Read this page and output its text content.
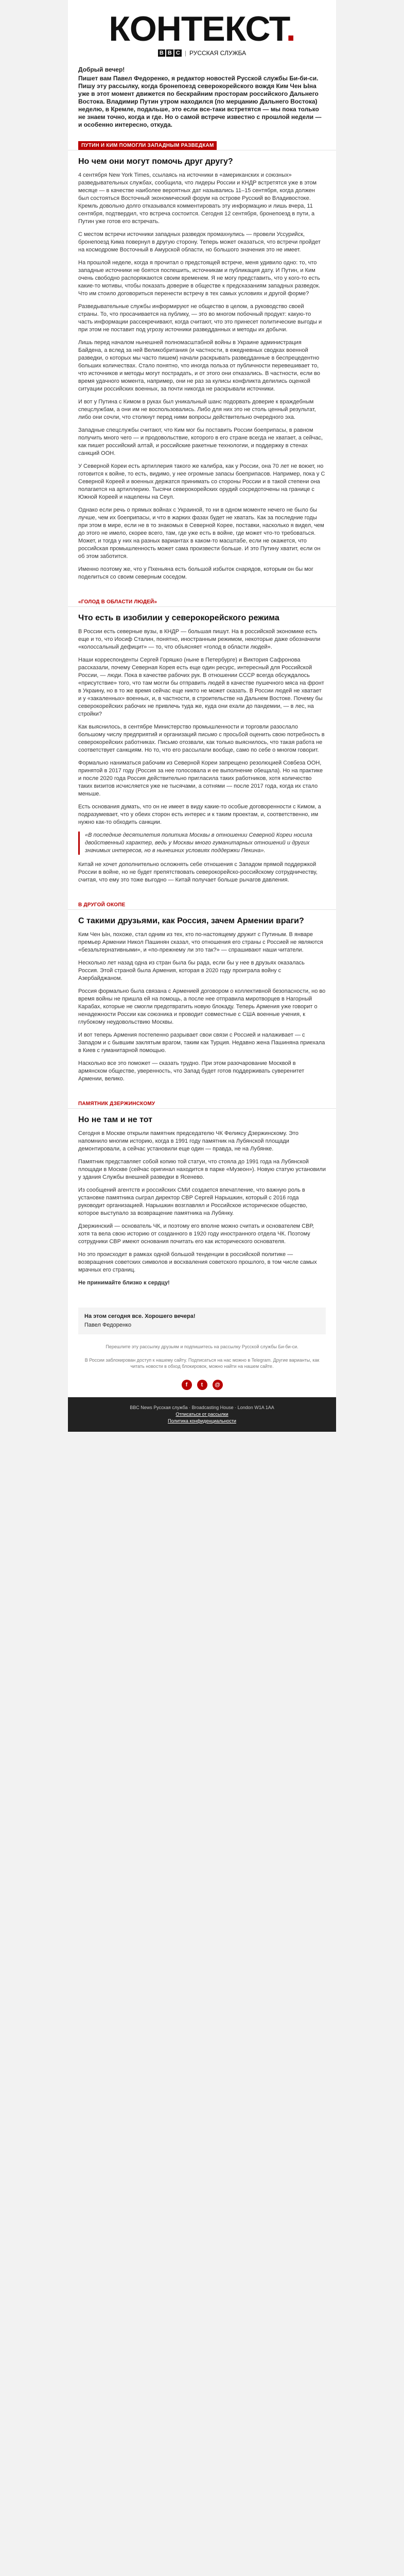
КОНТЕКСТ.
B B C | РУССКАЯ СЛУЖБА
Добрый вечер!

Пишет вам Павел Федоренко, я редактор новостей Русской службы Би-би-си. Пишу эту рассылку, когда бронепоезд северокорейского вождя Ким Чен Ына уже в этот момент движется по бескрайним просторам российского Дальнего Востока. Владимир Путин утром находился (по мерцанию Дальнего Востока) неделю, в Кремле, подальше, это если все-таки встретятся — мы пока только не знаем точно, когда и где. Но о самой встрече известно с прошлой недели — и особенно интересно, откуда.

ПУТИН И КИМ ПОМОГЛИ ЗАПАДНЫМ РАЗВЕДКАМ
Но чем они могут помочь друг другу?

4 сентября New York Times, ссылаясь на источники в «американских и союзных» разведывательных службах, сообщила, что лидеры России и КНДР встретятся уже в этом месяце — в качестве наиболее вероятных дат назывались 11–15 сентября, когда должен был состояться Восточный экономический форум на острове Русский во Владивостоке. Кремль довольно долго отказывался комментировать эту информацию и лишь вчера, 11 сентября, подтвердил, что встреча состоится. Сегодня 12 сентября, бронепоезд в пути, а Путин уже готов его встречать.

С местом встречи источники западных разведок промахнулись — провели Уссурийск, бронепоезд Кима повернул в другую сторону. Теперь может оказаться, что встречи пройдет на космодроме Восточный в Амурской области, но большого значения это не имеет.

На прошлой неделе, когда я прочитал о предстоящей встрече, меня удивило одно: то, что западные источники не боятся поспешить, источникам и публикация дату. И Путин, и Ким очень свободно распоряжаются своим временем. Я не могу представить, что у кого-то есть какие-то мотивы, чтобы показать доверие в обществе к предсказаниям западных разведок. Что им стоило договориться перенести встречу в тех самых условиях и другой форме?

Разведывательные службы информируют не общество в целом, а руководство своей страны. То, что просачивается на публику, — это во многом побочный продукт: какую-то часть информации рассекречивают, когда считают, что это принесет политические выгоды и при этом не поставит под угрозу источники разведданных и методы их добычи.

Лишь перед началом нынешней полномасштабной войны в Украине администрация Байдена, а вслед за ней Великобритания (и частности, в ежедневных сводках военной разведки, о которых мы часто пишем) начали раскрывать разведданные в беспрецедентно больших количествах. Стало понятно, что иногда польза от публичности перевешивает то, что источников и методы могут пострадать, и от этого они отказались. В частности, если во время удачного момента, например, они не раз за кулисы конфликта делились оценкой ситуации российских военных, за почти никогда не раскрывали источники.

И вот у Путина с Кимом в руках был уникальный шанс подорвать доверие к враждебным спецслужбам, а они им не воспользовались. Либо для них это не столь ценный результат, либо они сочли, что столкнут перед ними вопросы действительно очередного эха.

Западные спецслужбы считают, что Ким мог бы поставить России боеприпасы, в равном получить много чего — и продовольствие, которого в его стране всегда не хватает, а сейчас, как пишет российский алтай, и российские ракетные технологии, и поддержку в стенах санкций ООН.

У Северной Кореи есть артиллерия такого же калибра, как у России, она 70 лет не воюет, но готовится к войне, то есть, видимо, у нее огромные запасы боеприпасов. Например, пока у С Северной Кореей и военных держатся принимать со стороны России и в такой степени она полагается на артиллерию. Тысячи северокорейских орудий сосредоточены на границе с Южной Кореей и нацелены на Сеул.

Однако если речь о прямых войнах с Украиной, то ни в одном моменте нечего не было бы лучше, чем их боеприпасы, и что в жарких фазах будет не хватать. Как за последние годы при этом в мире, если не в то знакомых в Северной Корее, поставки, насколько я видел, чем до этого не имело, скорее всего, там, где уже есть в войне, где может что-то требоваться. Может, и тогда у них на разных вариантах в каком-то масштабе, если не окажется, что российская промышленность может сама произвести больше. И это Путину хватит, если он об этом заботится.

Именно поэтому же, что у Пхеньяна есть большой избыток снарядов, которым он бы мог поделиться со своим северным соседом.

«ГОЛОД В ОБЛАСТИ ЛЮДЕЙ»
Что есть в изобилии у северокорейского режима

В России есть северные вузы, в КНДР — большая пишут. На в российской экономике есть еще и то, что Иосиф Сталин, понятно, иностранным режимом, некоторые даже обозначили «колоссальный дефицит» — то, что объясняет «голод в области людей».

Наши корреспонденты Сергей Горяшко (ныне в Петербурге) и Виктория Сафронова рассказали, почему Северная Корея есть еще один ресурс, интересный для Российской России, — люди. Пока в качестве рабочих рук. В отношении СССР всегда обсуждалось «присутствие» того, что там могли бы отправить людей в качестве пушечного мяса на фронт в Украину, но в то же время сейчас еще никто не может сказать. В России людей не хватает и у «закаленных» военных, и, в частности, в строительстве на Дальнем Востоке. Почему бы северокорейских рабочих не привлечь туда же, куда они ехали до пандемии, — в лес, на стройки?

Как выяснилось, в сентябре Министерство промышленности и торговли разослало большому числу предприятий и организаций письмо с просьбой оценить свою потребность в северокорейских работниках. Письмо отозвали, как только выяснилось, что такая работа не соответствует санкциям. Но то, что его рассылали вообще, само по себе о многом говорит.

Формально наниматься рабочим из Северной Кореи запрещено резолюцией Совбеза ООН, принятой в 2017 году (Россия за нее голосовала и ее выполнение обещала). Но на практике и после 2020 года Россия действительно пригласила таких работников, хотя количество таких визитов исчисляется уже не тысячами, а сотнями — после 2017 года, когда их стало меньше.

Есть основания думать, что он не имеет в виду какие-то особые договоренности с Кимом, а подразумевает, что у обеих сторон есть интерес и к таким проектам, и, соответственно, им нужно как-то обходить санкции.

«В последние десятилетия политика Москвы в отношении Северной Кореи носила двойственный характер, ведь у Москвы много гуманитарных отношений и других значимых интересов, но в нынешних условиях поддержки Пекина».

Китай не хочет дополнительно осложнять себе отношения с Западом прямой поддержкой России в войне, но не будет препятствовать северокорейско-российскому сотрудничеству, считая, что ему это тоже выгодно — Китай получает больше рычагов давления.

В ДРУГОЙ ОКОПЕ
С такими друзьями, как Россия, зачем Армении враги?

Ким Чен Ын, похоже, стал одним из тех, кто по-настоящему дружит с Путиным. В январе премьер Армении Никол Пашинян сказал, что отношения его страны с Россией не являются «безальтернативными», и «по-прежнему ли это так?» — спрашивают наши читатели.

Несколько лет назад одна из стран была бы рада, если бы у нее в друзьях оказалась Россия. Этой страной была Армения, которая в 2020 году проиграла войну с Азербайджаном.

Россия формально была связана с Арменией договором о коллективной безопасности, но во время войны не пришла ей на помощь, а после нее отправила миротворцев в Нагорный Карабах, которые не смогли предотвратить новую блокаду. Теперь Армения уже говорит о ненадежности России как союзника и проводит совместные с США военные учения, к глубокому неудовольствию Москвы.

И вот теперь Армения постепенно разрывает свои связи с Россией и налаживает — с Западом и с бывшим заклятым врагом, таким как Турция. Недавно жена Пашиняна приехала в Киев с гуманитарной помощью.

Насколько все это поможет — сказать трудно. При этом разочарование Москвой в армянском обществе, уверенность, что Запад будет готов поддерживать суверенитет Армении, велико.

ПАМЯТНИК ДЗЕРЖИНСКОМУ
Но не там и не тот

Сегодня в Москве открыли памятник председателю ЧК Феликсу Дзержинскому. Это напомнило многим историю, когда в 1991 году памятник на Лубянской площади демонтировали, а сейчас установили еще один — правда, не на Лубянке.

Памятник представляет собой копию той статуи, что стояла до 1991 года на Лубянской площади в Москве (сейчас оригинал находится в парке «Музеон»). Новую статую установили у здания Службы внешней разведки в Ясенево.

Из сообщений агентств и российских СМИ создается впечатление, что важную роль в установке памятника сыграл директор СВР Сергей Нарышкин, который с 2016 года руководит организацией. Нарышкин возглавлял и Российское историческое общество, которое выступало за возвращение памятника на Лубянку.

Дзержинский — основатель ЧК, и поэтому его вполне можно считать и основателем СВР, хотя та вела свою историю от созданного в 1920 году иностранного отдела ЧК. Поэтому сотрудники СВР имеют основания почитать его как исторического основателя.

Но это происходит в рамках одной большой тенденции в российской политике — возвращения советских символов и восхваления советского прошлого, в том числе самых мрачных его страниц.

Не принимайте близко к сердцу!

На этом сегодня все. Хорошего вечера!
Павел Федоренко
Перешлите эту рассылку друзьям и подпишитесь на рассылку Русской службы Би-би-си.
В России заблокирован доступ к нашему сайту. Подписаться на нас можно в Telegram. Другие варианты, как читать новости в обход блокировок, можно найти на нашем сайте.
f	t	@
BBC News Русская служба · Broadcasting House · London W1A 1AA
Отписаться от рассылки
Политика конфиденциальности
